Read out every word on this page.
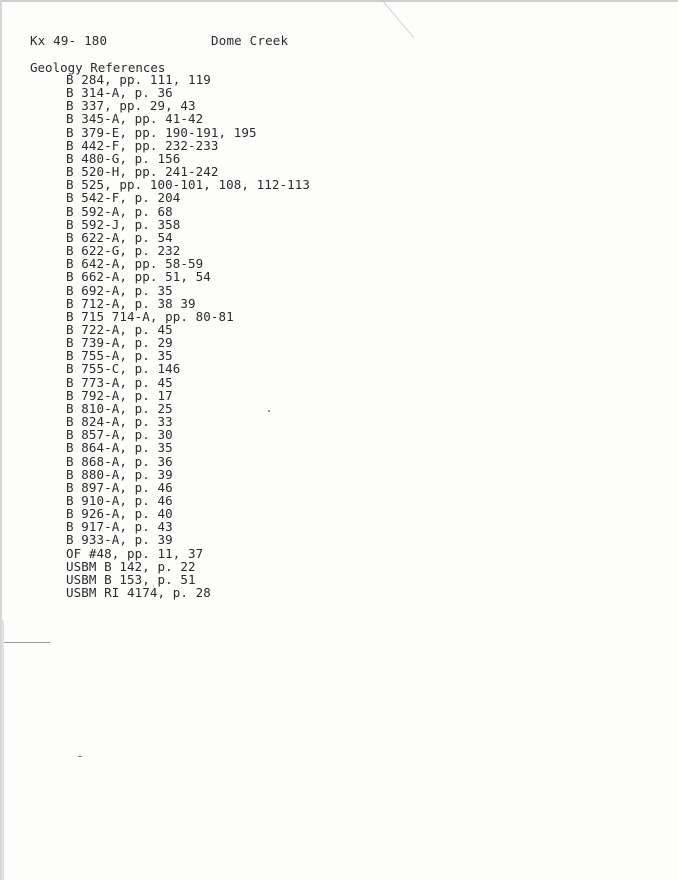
Kx 49- 180	Dome Creek
Geology References
B 284, pp. 111, 119
B 314-A, p. 36
B 337, pp. 29, 43
B 345-A, pp. 41-42
B 379-E, pp. 190-191, 195
B 442-F, pp. 232-233
B 480-G, p. 156
B 520-H, pp. 241-242
B 525, pp. 100-101, 108, 112-113
B 542-F, p. 204
B 592-A, p. 68
B 592-J, p. 358
B 622-A, p. 54
B 622-G, p. 232
B 642-A, pp. 58-59
B 662-A, pp. 51, 54
B 692-A, p. 35
B 712-A, p. 38 39
B 715 714-A, pp. 80-81
B 722-A, p. 45
B 739-A, p. 29
B 755-A, p. 35
B 755-C, p. 146
B 773-A, p. 45
B 792-A, p. 17
B 810-A, p. 25
B 824-A, p. 33
B 857-A, p. 30
B 864-A, p. 35
B 868-A, p. 36
B 880-A, p. 39
B 897-A, p. 46
B 910-A, p. 46
B 926-A, p. 40
B 917-A, p. 43
B 933-A, p. 39
OF #48, pp. 11, 37
USBM B 142, p. 22
USBM B 153, p. 51
USBM RI 4174, p. 28
